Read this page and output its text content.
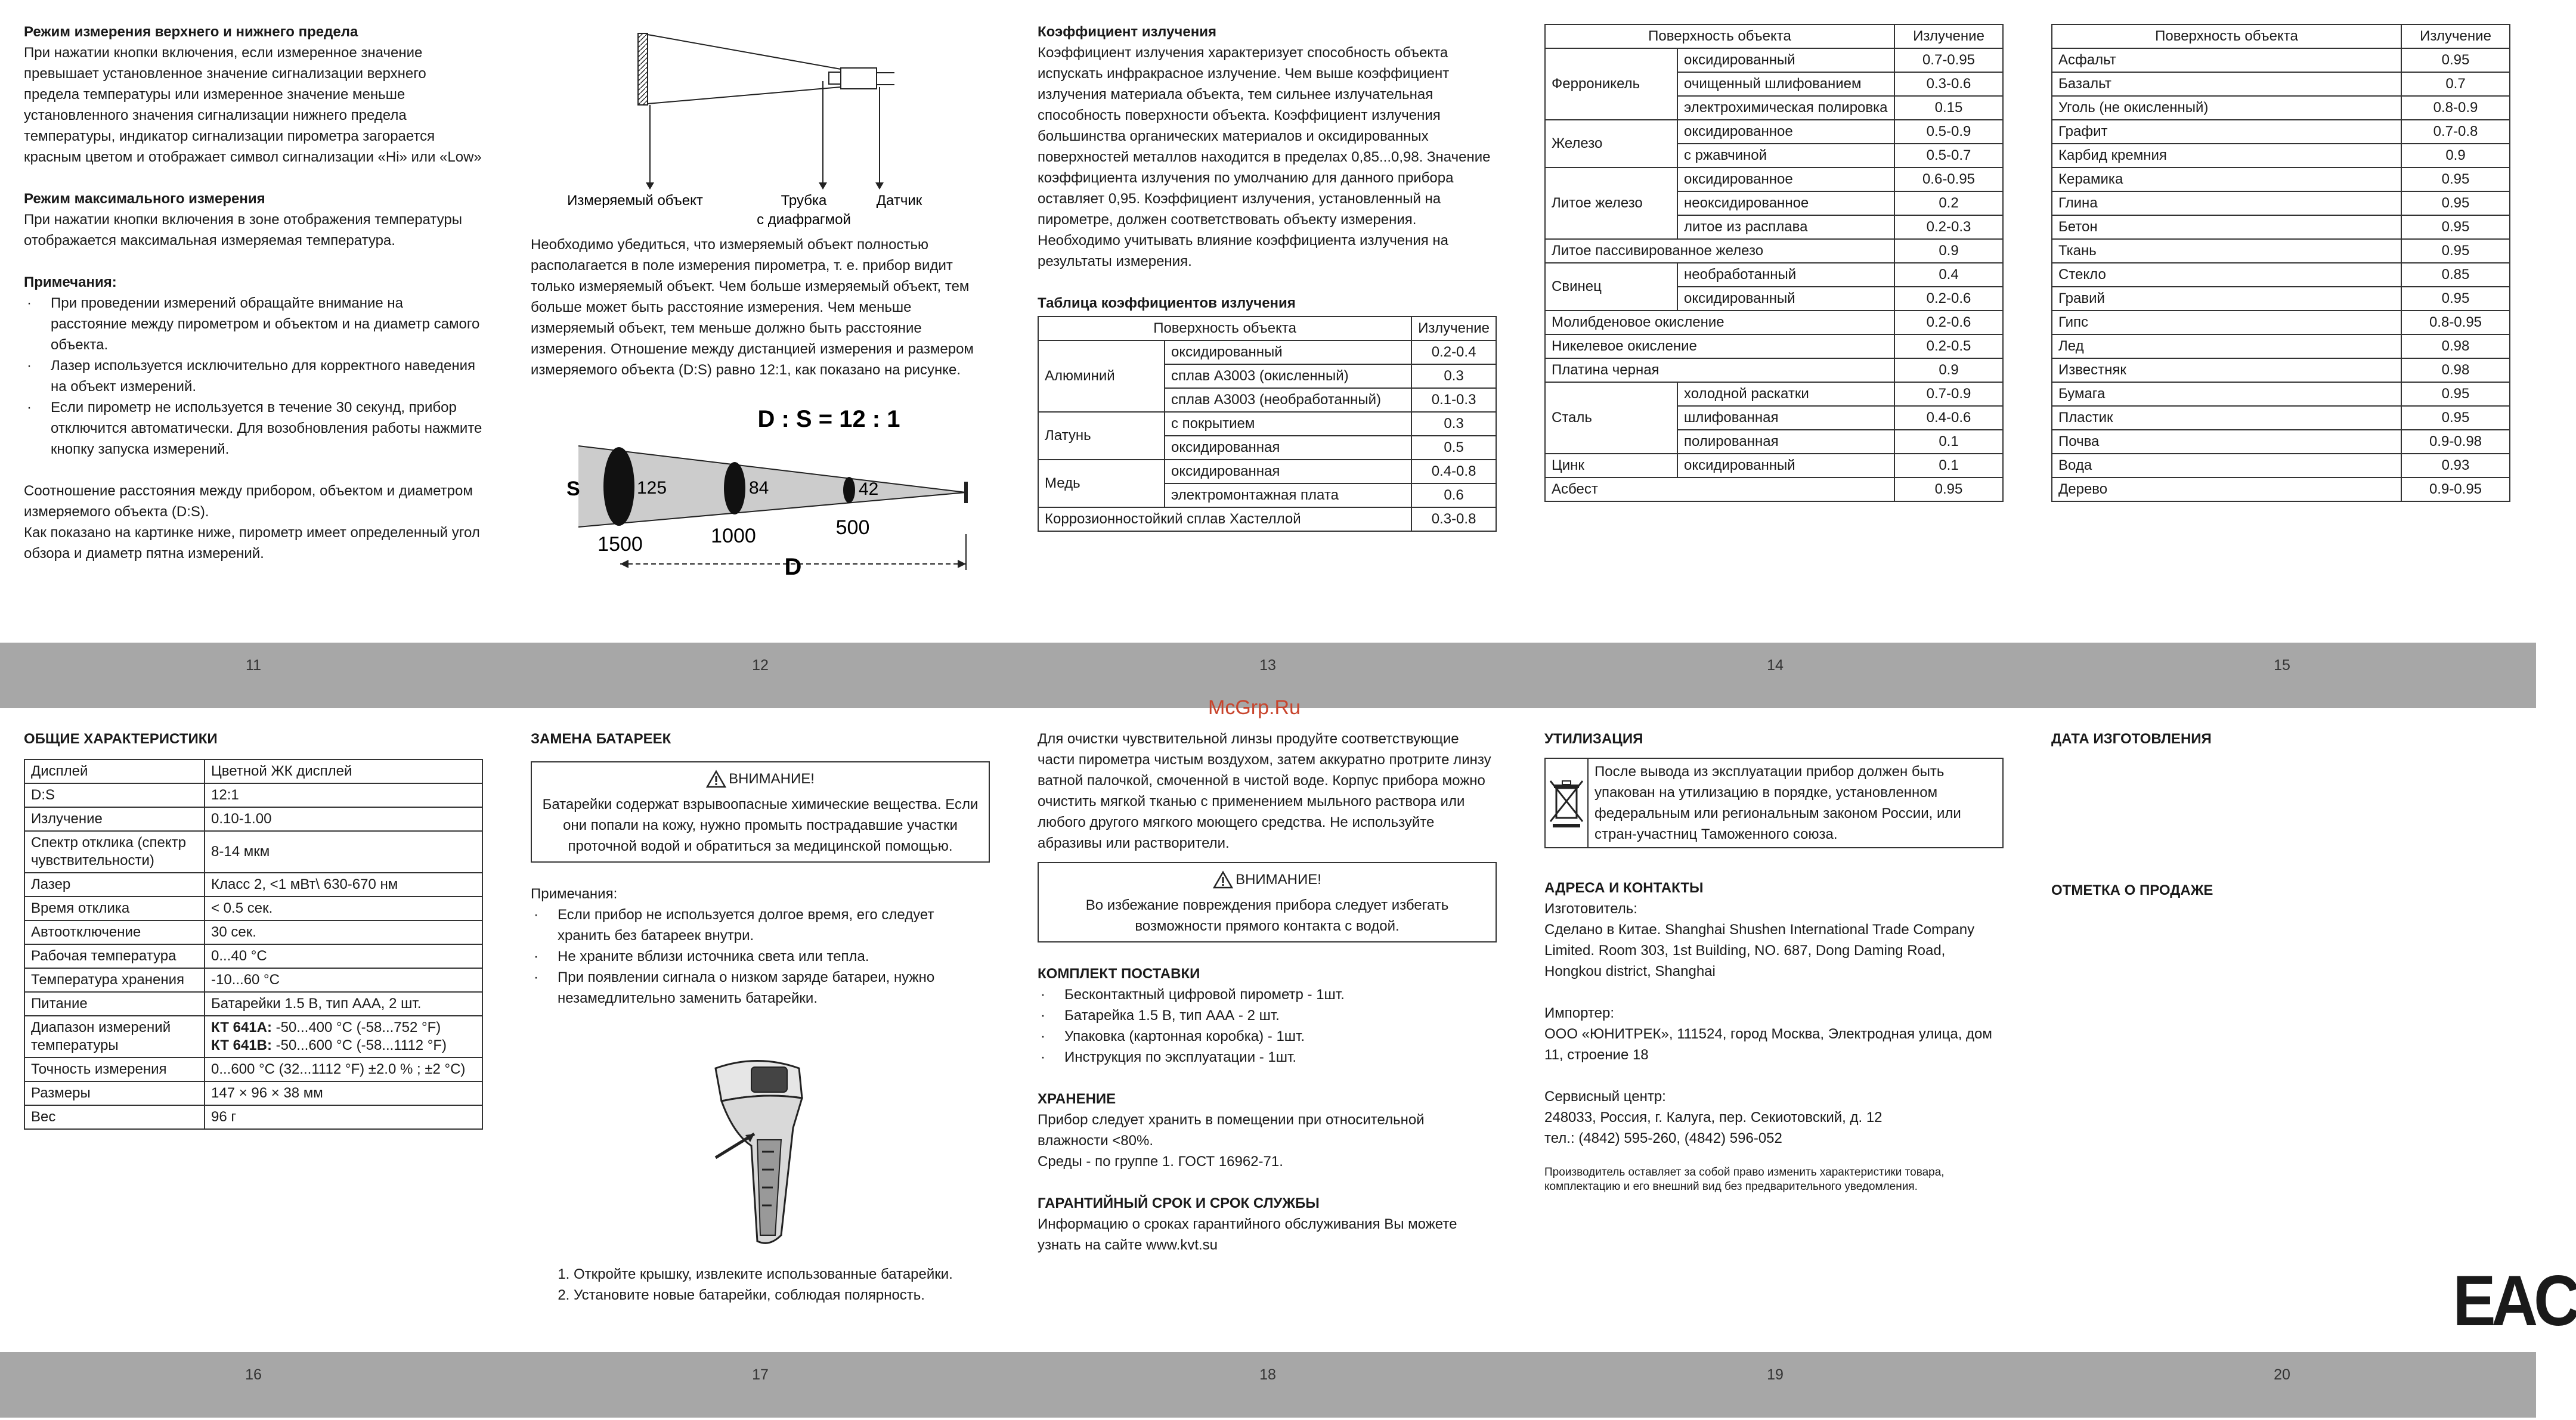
Режим измерения верхнего и нижнего предела

При нажатии кнопки включения, если измеренное значение превышает установленное значение сигнализации верхнего предела температуры или измеренное значение меньше установленного значения сигнализации нижнего предела температуры, индикатор сигнализации пирометра загорается красным цветом и отображает символ сигнализации «Hi» или «Low»

Режим максимального измерения

При нажатии кнопки включения в зоне отображения температуры отображается максимальная измеряемая температура.

Примечания:

· При проведении измерений обращайте внимание на расстояние между пирометром и объектом и на диаметр самого объекта.
· Лазер используется исключительно для корректного наведения на объект измерений.
· Если пирометр не используется в течение 30 секунд, прибор отключится автоматически. Для возобновления работы нажмите кнопку запуска измерений.

Соотношение расстояния между прибором, объектом и диаметром измеряемого объекта (D:S).

Как показано на картинке ниже, пирометр имеет определенный угол обзора и диаметр пятна измерений.

Измеряемый объект	Трубка
с диафрагмой
Датчик

Необходимо убедиться, что измеряемый объект полностью располагается в поле измерения пирометра, т. е. прибор видит только измеряемый объект. Чем больше измеряемый объект, тем больше может быть расстояние измерения. Чем меньше измеряемый объект, тем меньше должно быть расстояние измерения. Отношение между дистанцией измерения и размером измеряемого объекта (D:S) равно 12:1, как показано на рисунке.

D : S = 12 : 1
S	125	84	42
1500	1000	500
D

Коэффициент излучения

Коэффициент излучения характеризует способность объекта испускать инфракрасное излучение. Чем выше коэффициент излучения материала объекта, тем сильнее излучательная способность поверхности объекта. Коэффициент излучения большинства органических материалов и оксидированных поверхностей металлов находится в пределах 0,85...0,98. Значение коэффициента излучения по умолчанию для данного прибора оставляет 0,95. Коэффициент излучения, установленный на пирометре, должен соответствовать объекту измерения. Необходимо учитывать влияние коэффициента излучения на результаты измерения.

Таблица коэффициентов излучения

Поверхность объекта		Излучение
Алюминий	оксидированный	0.2-0.4
	сплав А3003 (окисленный)	0.3
	сплав А3003 (необработанный)	0.1-0.3
Латунь	с покрытием	0.3
	оксидированная	0.5
Медь	оксидированная	0.4-0.8
	электромонтажная плата	0.6
Коррозионностойкий сплав Хастеллой		0.3-0.8
Поверхность объекта		Излучение
Ферроникель	оксидированный	0.7-0.95
	очищенный шлифованием	0.3-0.6
	электрохимическая полировка	0.15
Железо	оксидированное	0.5-0.9
	с ржавчиной	0.5-0.7
Литое железо	оксидированное	0.6-0.95
	неоксидированное	0.2
	литое из расплава	0.2-0.3
Литое пассивированное железо		0.9
Свинец	необработанный	0.4
	оксидированный	0.2-0.6
Молибденовое окисление		0.2-0.6
Никелевое окисление		0.2-0.5
Платина черная		0.9
Сталь	холодной раскатки	0.7-0.9
	шлифованная	0.4-0.6
	полированная	0.1
Цинк	оксидированный	0.1
Асбест		0.95
Поверхность объекта	Излучение
Асфальт	0.95
Базальт	0.7
Уголь (не окисленный)	0.8-0.9
Графит	0.7-0.8
Карбид кремния	0.9
Керамика	0.95
Глина	0.95
Бетон	0.95
Ткань	0.95
Стекло	0.85
Гравий	0.95
Гипс	0.8-0.95
Лед	0.98
Известняк	0.98
Бумага	0.95
Пластик	0.95
Почва	0.9-0.98
Вода	0.93
Дерево	0.9-0.95
11	12	13	14	15
McGrp.Ru

ОБЩИЕ ХАРАКТЕРИСТИКИ

Дисплей	Цветной ЖК дисплей
D:S	12:1
Излучение	0.10-1.00
Спектр отклика (спектр чувствительности)	8-14 мкм
Лазер	Класс 2, <1 мВт\ 630-670 нм
Время отклика	< 0.5 сек.
Автоотключение	30 сек.
Рабочая температура	0...40 °С
Температура хранения	-10...60 °С
Питание	Батарейки 1.5 В, тип ААА, 2 шт.
Диапазон измерений температуры	КТ 641А: -50...400 °С (-58...752 °F)
КТ 641В: -50...600 °С (-58...1112 °F)
Точность измерения	0...600 °С (32...1112 °F) ±2.0 % ; ±2 °С)
Размеры	147 × 96 × 38 мм
Вес	96 г

ЗАМЕНА БАТАРЕЕК

ВНИМАНИЕ!

Батарейки содержат взрывоопасные химические вещества. Если они попали на кожу, нужно промыть пострадавшие участки проточной водой и обратиться за медицинской помощью.

Примечания:

· Если прибор не используется долгое время, его следует хранить без батареек внутри.
· Не храните вблизи источника света или тепла.
· При появлении сигнала о низком заряде батареи, нужно незамедлительно заменить батарейки.
1. Откройте крышку, извлеките использованные батарейки.
2. Установите новые батарейки, соблюдая полярность.

Для очистки чувствительной линзы продуйте соответствующие части пирометра чистым воздухом, затем аккуратно протрите линзу ватной палочкой, смоченной в чистой воде. Корпус прибора можно очистить мягкой тканью с применением мыльного раствора или любого другого мягкого моющего средства. Не используйте абразивы или растворители.

ВНИМАНИЕ!

Во избежание повреждения прибора следует избегать возможности прямого контакта с водой.

КОМПЛЕКТ ПОСТАВКИ

· Бесконтактный цифровой пирометр - 1шт.
· Батарейка 1.5 В, тип ААА - 2 шт.
· Упаковка (картонная коробка) - 1шт.
· Инструкция по эксплуатации - 1шт.

ХРАНЕНИЕ

Прибор следует хранить в помещении при относительной влажности <80%.

Среды - по группе 1. ГОСТ 16962-71.

ГАРАНТИЙНЫЙ СРОК И СРОК СЛУЖБЫ

Информацию о сроках гарантийного обслуживания Вы можете узнать на сайте www.kvt.su

УТИЛИЗАЦИЯ

После вывода из эксплуатации прибор должен быть упакован на утилизацию в порядке, установленном федеральным или региональным законом России, или стран-участниц Таможенного союза.

АДРЕСА И КОНТАКТЫ

Изготовитель:

Сделано в Китае. Shanghai Shushen International Trade Company Limited. Room 303, 1st Building, NO. 687, Dong Daming Road, Hongkou district, Shanghai

Импортер:

ООО «ЮНИТРЕК», 111524, город Москва, Электродная улица, дом 11, строение 18

Сервисный центр:

248033, Россия, г. Калуга, пер. Секиотовский, д. 12

тел.: (4842) 595-260, (4842) 596-052

Производитель оставляет за собой право изменить характеристики товара, комплектацию и его внешний вид без предварительного уведомления.

ДАТА ИЗГОТОВЛЕНИЯ

ОТМЕТКА О ПРОДАЖЕ

EAC
16	17	18	19	20
